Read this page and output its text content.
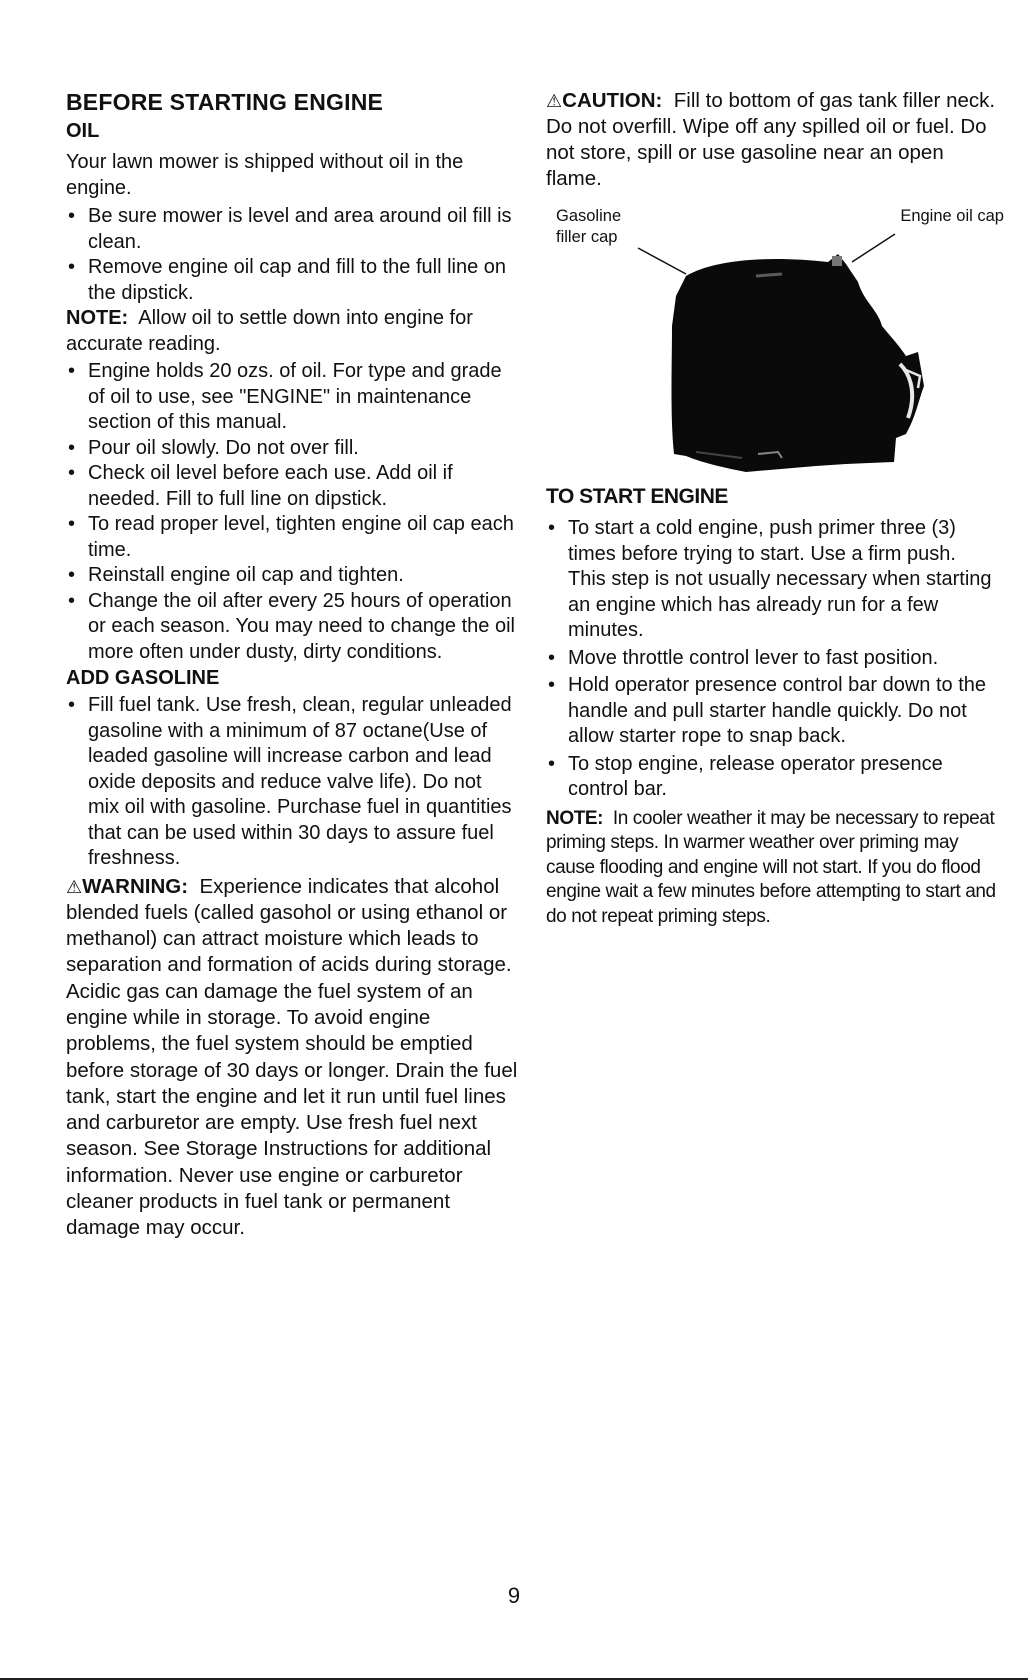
BEFORE STARTING ENGINE
OIL

Your lawn mower is shipped without oil in the engine.

• Be sure mower is level and area around oil fill is clean.
• Remove engine oil cap and fill to the full line on the dipstick.

NOTE: Allow oil to settle down into engine for accurate reading.

• Engine holds 20 ozs. of oil. For type and grade of oil to use, see "ENGINE" in maintenance section of this manual.
• Pour oil slowly. Do not over fill.
• Check oil level before each use. Add oil if needed. Fill to full line on dipstick.
• To read proper level, tighten engine oil cap each time.
• Reinstall engine oil cap and tighten.
• Change the oil after every 25 hours of operation or each season. You may need to change the oil more often under dusty, dirty conditions.
ADD GASOLINE
• Fill fuel tank. Use fresh, clean, regular unleaded gasoline with a minimum of 87 octane(Use of leaded gasoline will increase carbon and lead oxide deposits and reduce valve life). Do not mix oil with gasoline. Purchase fuel in quantities that can be used within 30 days to assure fuel freshness.

⚠WARNING: Experience indicates that alcohol blended fuels (called gasohol or using ethanol or methanol) can attract moisture which leads to separation and formation of acids during storage. Acidic gas can damage the fuel system of an engine while in storage. To avoid engine problems, the fuel system should be emptied before storage of 30 days or longer. Drain the fuel tank, start the engine and let it run until fuel lines and carburetor are empty. Use fresh fuel next season. See Storage Instructions for additional information. Never use engine or carburetor cleaner products in fuel tank or permanent damage may occur.

⚠CAUTION: Fill to bottom of gas tank filler neck. Do not overfill. Wipe off any spilled oil or fuel. Do not store, spill or use gasoline near an open flame.

Gasoline filler cap
Engine oil cap
TO START ENGINE
• To start a cold engine, push primer three (3) times before trying to start. Use a firm push. This step is not usually necessary when starting an engine which has already run for a few minutes.
• Move throttle control lever to fast position.
• Hold operator presence control bar down to the handle and pull starter handle quickly. Do not allow starter rope to snap back.
• To stop engine, release operator presence control bar.

NOTE: In cooler weather it may be necessary to repeat priming steps. In warmer weather over priming may cause flooding and engine will not start. If you do flood engine wait a few minutes before attempting to start and do not repeat priming steps.

9
